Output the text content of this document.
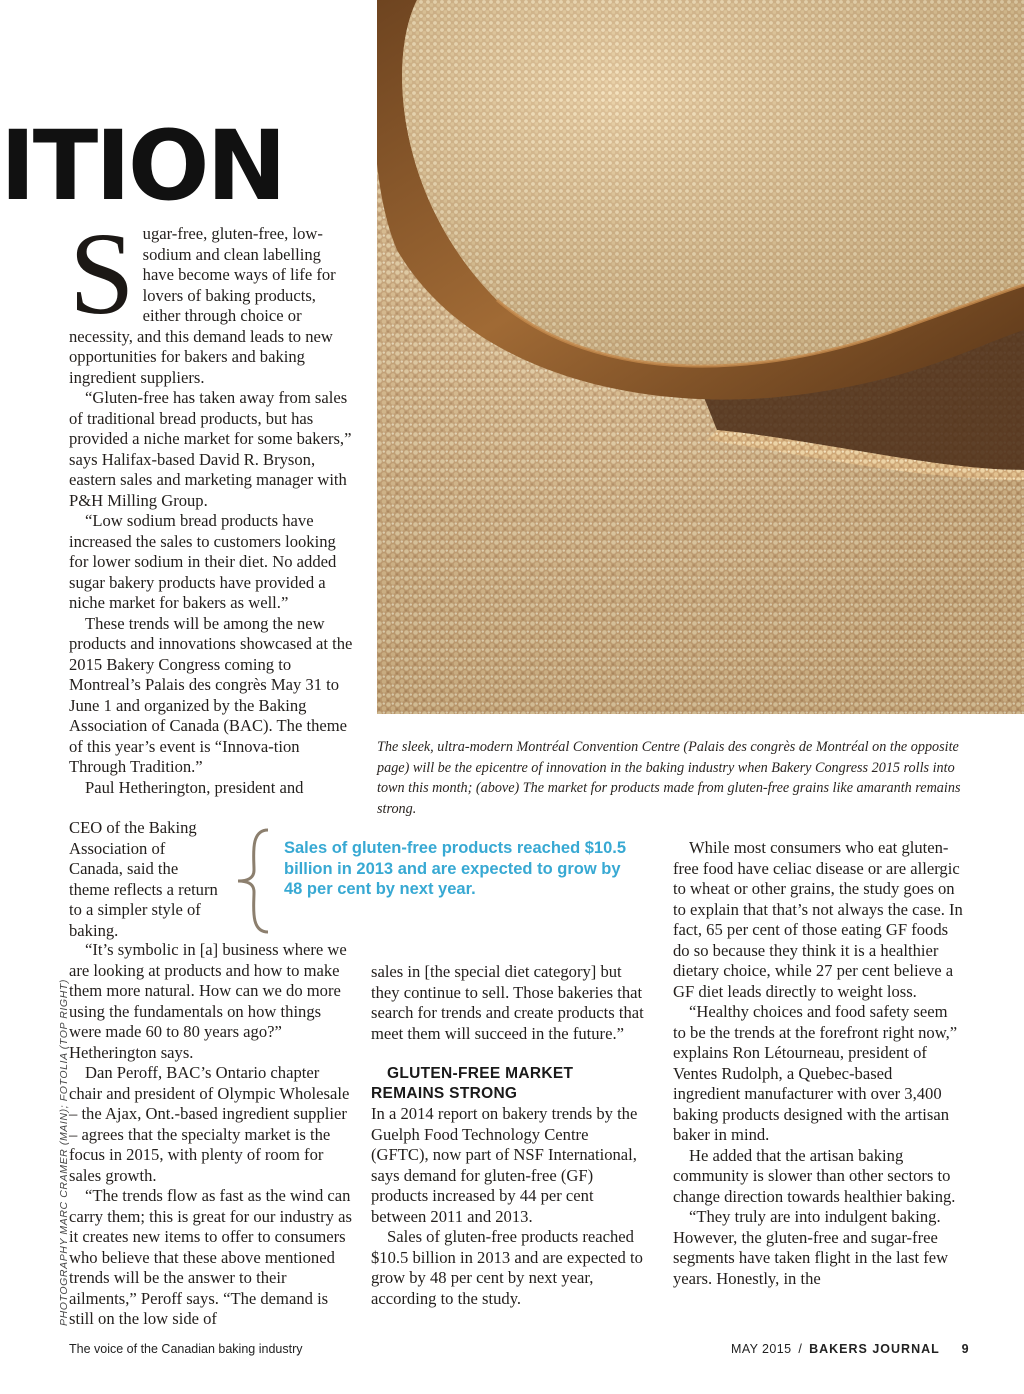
ITION
S ugar-free, gluten-free, low-sodium and clean labelling have become ways of life for lovers of baking products, either through choice or necessity, and this demand leads to new opportunities for bakers and baking ingredient suppliers.

“Gluten-free has taken away from sales of traditional bread products, but has provided a niche market for some bakers,” says Halifax-based David R. Bryson, eastern sales and marketing manager with P&H Milling Group.

“Low sodium bread products have increased the sales to customers looking for lower sodium in their diet. No added sugar bakery products have provided a niche market for bakers as well.”

These trends will be among the new products and innovations showcased at the 2015 Bakery Congress coming to Montreal’s Palais des congrès May 31 to June 1 and organized by the Baking Association of Canada (BAC). The theme of this year’s event is “Innova-tion Through Tradition.”

Paul Hetherington, president and

CEO of the Baking Association of Canada, said the theme reflects a return to a simpler style of baking.

“It’s symbolic in [a] business where we are looking at products and how to make them more natural. How can we do more using the fundamentals on how things were made 60 to 80 years ago?” Hetherington says.

Dan Peroff, BAC’s Ontario chapter chair and president of Olympic Wholesale – the Ajax, Ont.-based ingredient supplier – agrees that the specialty market is the focus in 2015, with plenty of room for sales growth.

“The trends flow as fast as the wind can carry them; this is great for our industry as it creates new items to offer to consumers who believe that these above mentioned trends will be the answer to their ailments,” Peroff says. “The demand is still on the low side of

sales in [the special diet category] but they continue to sell. Those bakeries that search for trends and create products that meet them will succeed in the future.”

GLUTEN-FREE MARKET REMAINS STRONG

In a 2014 report on bakery trends by the Guelph Food Technology Centre (GFTC), now part of NSF International, says demand for gluten-free (GF) products increased by 44 per cent between 2011 and 2013.

Sales of gluten-free products reached $10.5 billion in 2013 and are expected to grow by 48 per cent by next year, according to the study.

While most consumers who eat gluten-free food have celiac disease or are allergic to wheat or other grains, the study goes on to explain that that’s not always the case. In fact, 65 per cent of those eating GF foods do so because they think it is a healthier dietary choice, while 27 per cent believe a GF diet leads directly to weight loss.

“Healthy choices and food safety seem to be the trends at the forefront right now,” explains Ron Létourneau, president of Ventes Rudolph, a Quebec-based ingredient manufacturer with over 3,400 baking products designed with the artisan baker in mind.

He added that the artisan baking community is slower than other sectors to change direction towards healthier baking.

“They truly are into indulgent baking. However, the gluten-free and sugar-free segments have taken flight in the last few years. Honestly, in the

The sleek, ultra-modern Montréal Convention Centre (Palais des congrès de Montréal on the opposite page) will be the epicentre of innovation in the baking industry when Bakery Congress 2015 rolls into town this month; (above) The market for products made from gluten-free grains like amaranth remains strong.
Sales of gluten-free products reached $10.5 billion in 2013 and are expected to grow by 48 per cent by next year.
PHOTOGRAPHY MARC CRAMER (MAIN); FOTOLIA (TOP RIGHT)
The voice of the Canadian baking industry	MAY 2015 / BAKERS JOURNAL 9
